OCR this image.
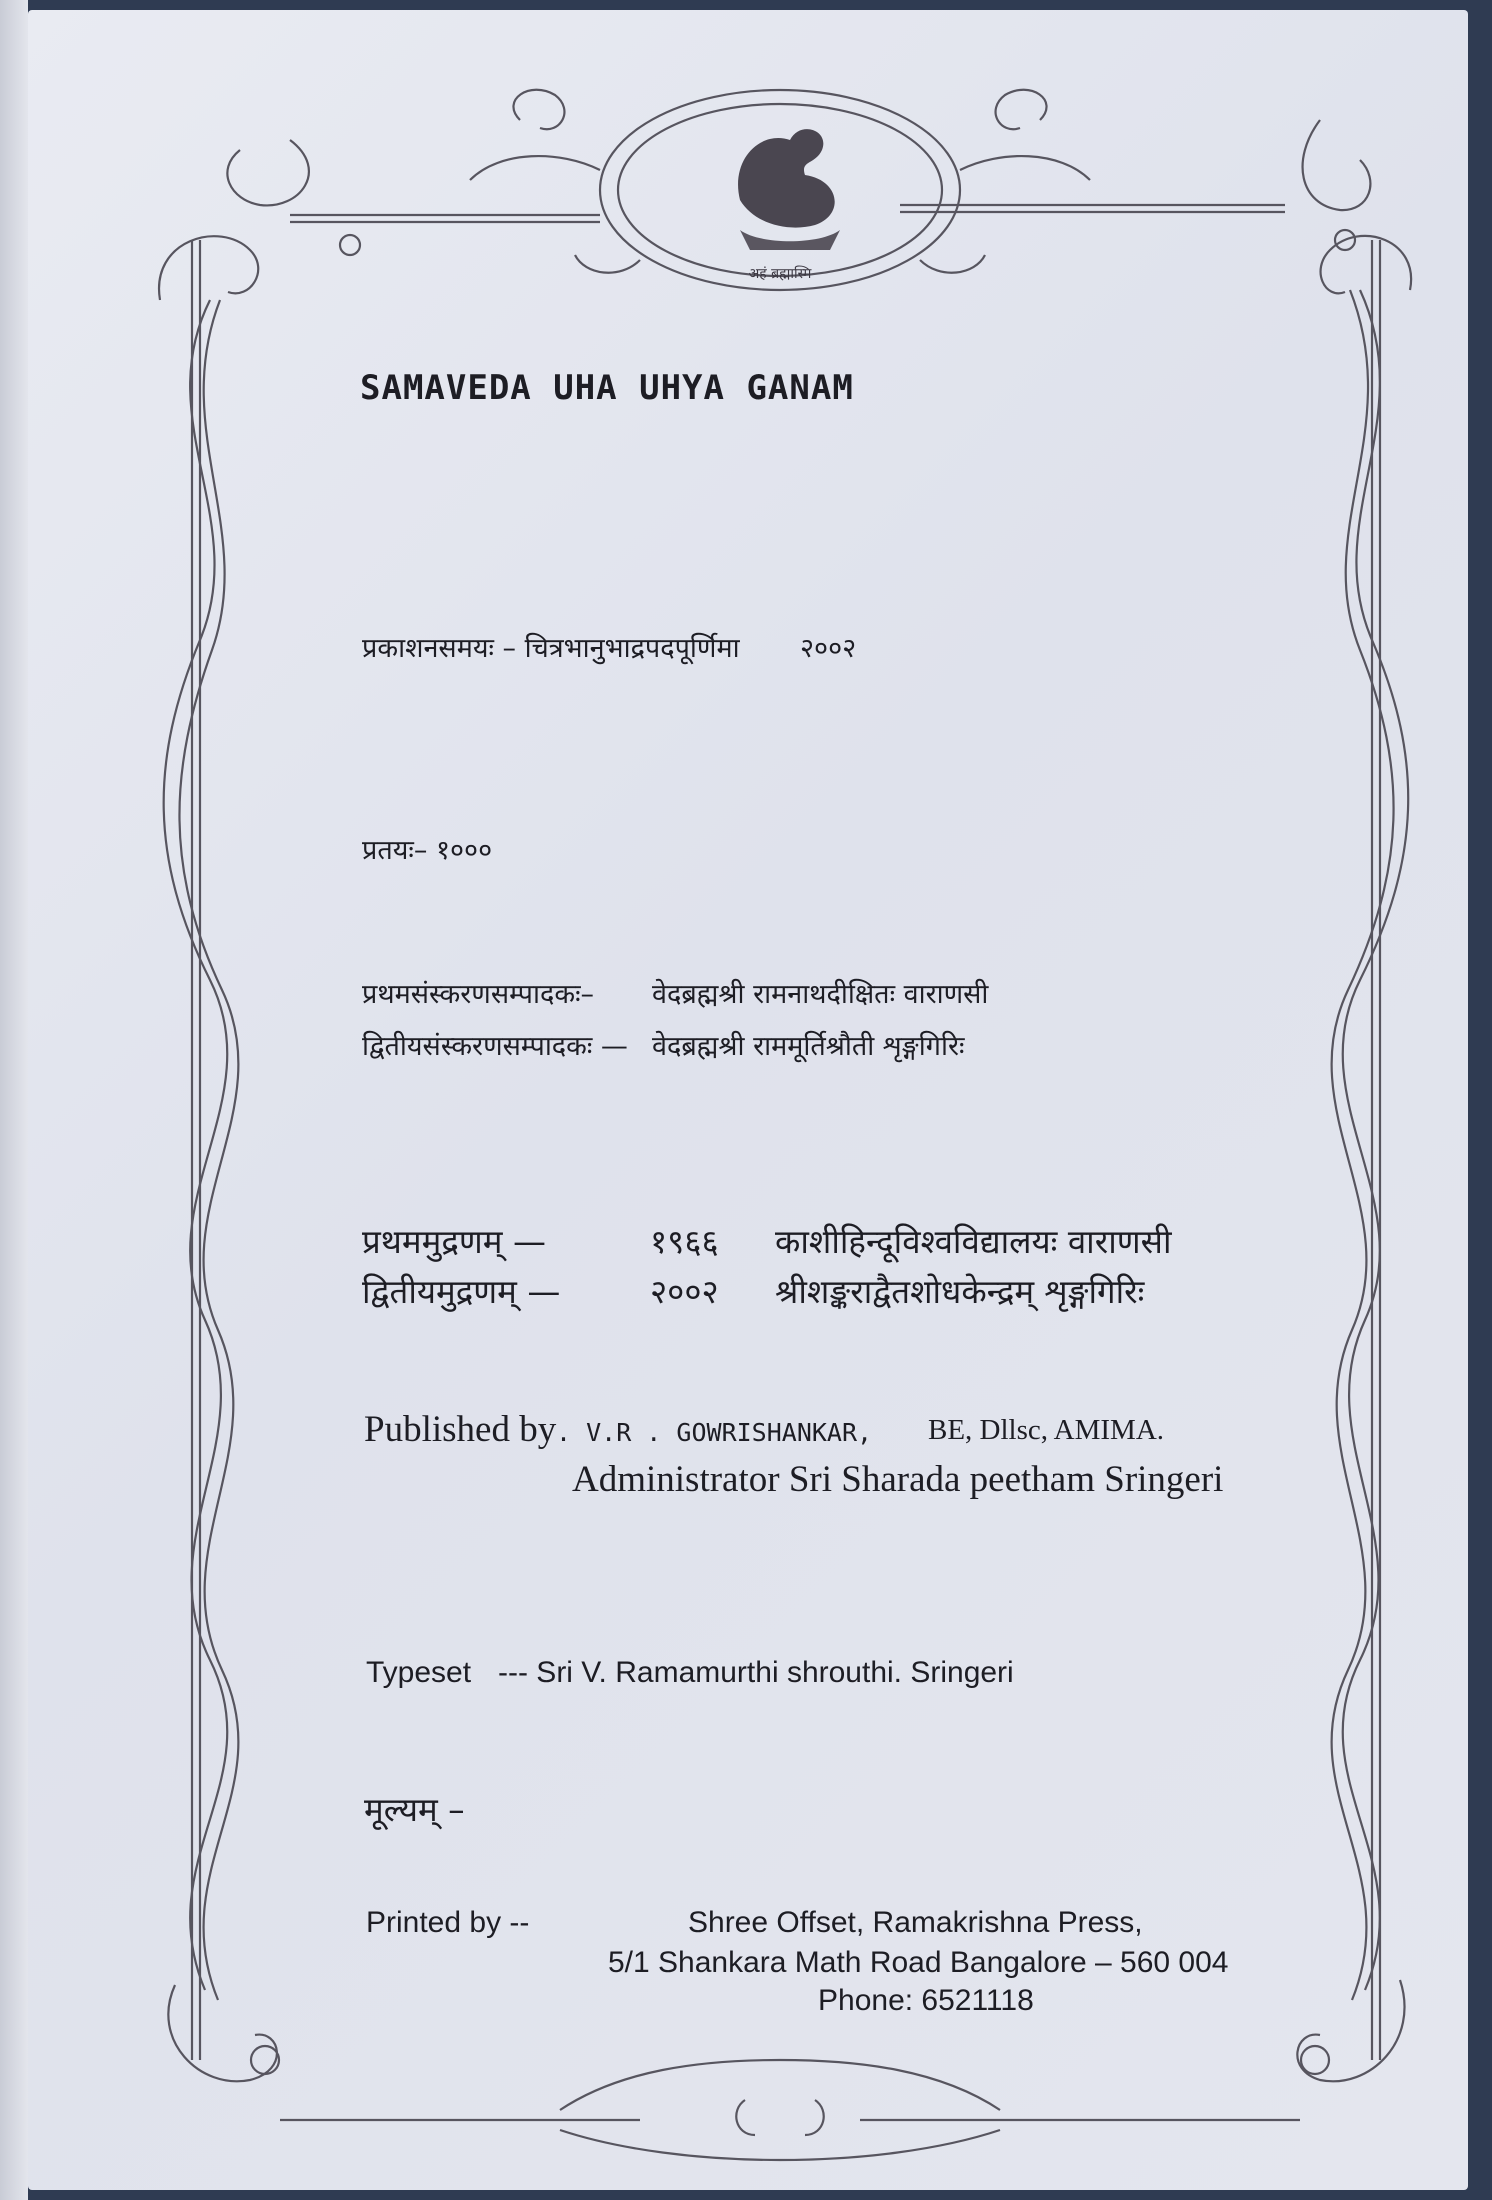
अहं ब्रह्मास्मि
SAMAVEDA UHA UHYA GANAM
प्रकाशनसमयः – चित्रभानुभाद्रपदपूर्णिमा २००२
प्रतयः– १०००
प्रथमसंस्करणसम्पादकः– वेदब्रह्मश्री रामनाथदीक्षितः वाराणसी
द्वितीयसंस्करणसम्पादकः — वेदब्रह्मश्री राममूर्तिश्रौती शृङ्गगिरिः
प्रथममुद्रणम् —	१९६६ काशीहिन्दूविश्वविद्यालयः वाराणसी
द्वितीयमुद्रणम् —	२००२ श्रीशङ्कराद्वैतशोधकेन्द्रम् शृङ्गगिरिः
Published by . V.R . GOWRISHANKAR, BE, Dllsc, AMIMA.
Administrator Sri Sharada peetham Sringeri
Typeset --- Sri V. Ramamurthi shrouthi. Sringeri
मूल्यम् –
Printed by --	Shree Offset, Ramakrishna Press,
5/1 Shankara Math Road Bangalore – 560 004
Phone: 6521118
